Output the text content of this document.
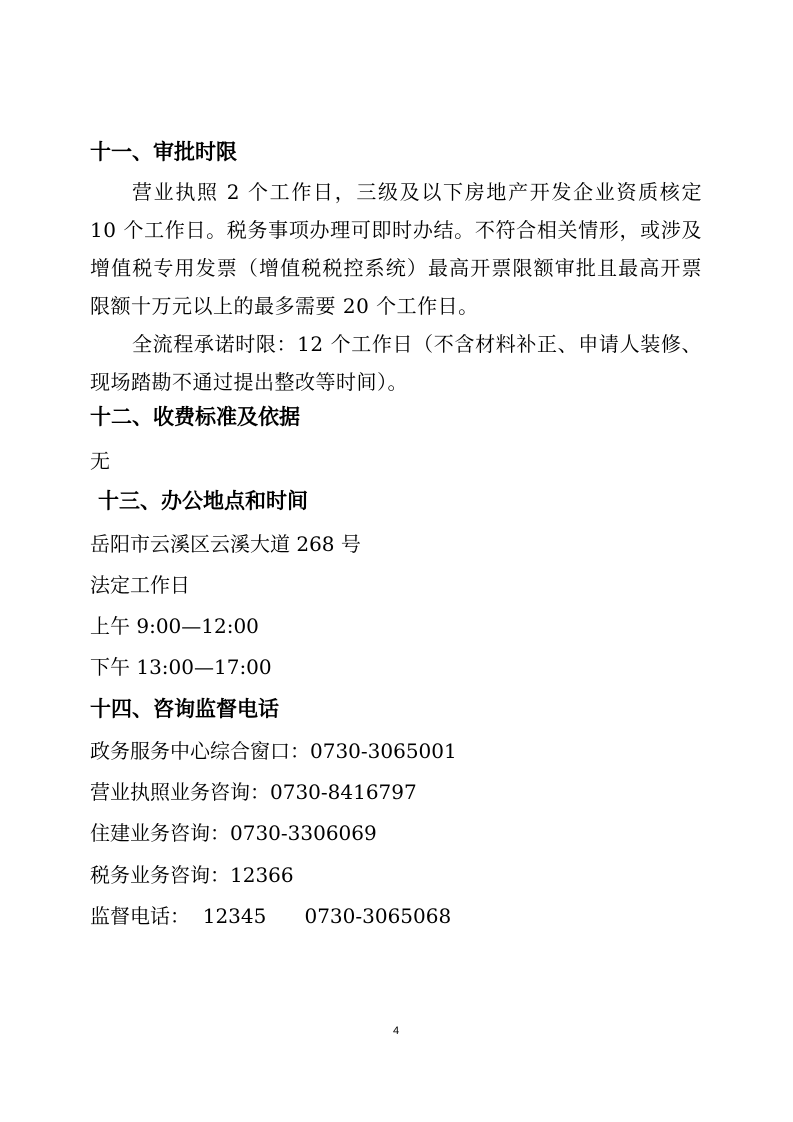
十一、审批时限

营业执照 2 个工作日，三级及以下房地产开发企业资质核定 10 个工作日。税务事项办理可即时办结。不符合相关情形，或涉及增值税专用发票（增值税税控系统）最高开票限额审批且最高开票限额十万元以上的最多需要 20 个工作日。

全流程承诺时限：12 个工作日（不含材料补正、申请人装修、现场踏勘不通过提出整改等时间）。

十二、收费标准及依据

无

十三、办公地点和时间

岳阳市云溪区云溪大道 268 号

法定工作日

上午 9:00—12:00

下午 13:00—17:00

十四、咨询监督电话

政务服务中心综合窗口：0730-3065001

营业执照业务咨询：0730-8416797

住建业务咨询：0730-3306069

税务业务咨询：12366

监督电话：  12345      0730-3065068

4
